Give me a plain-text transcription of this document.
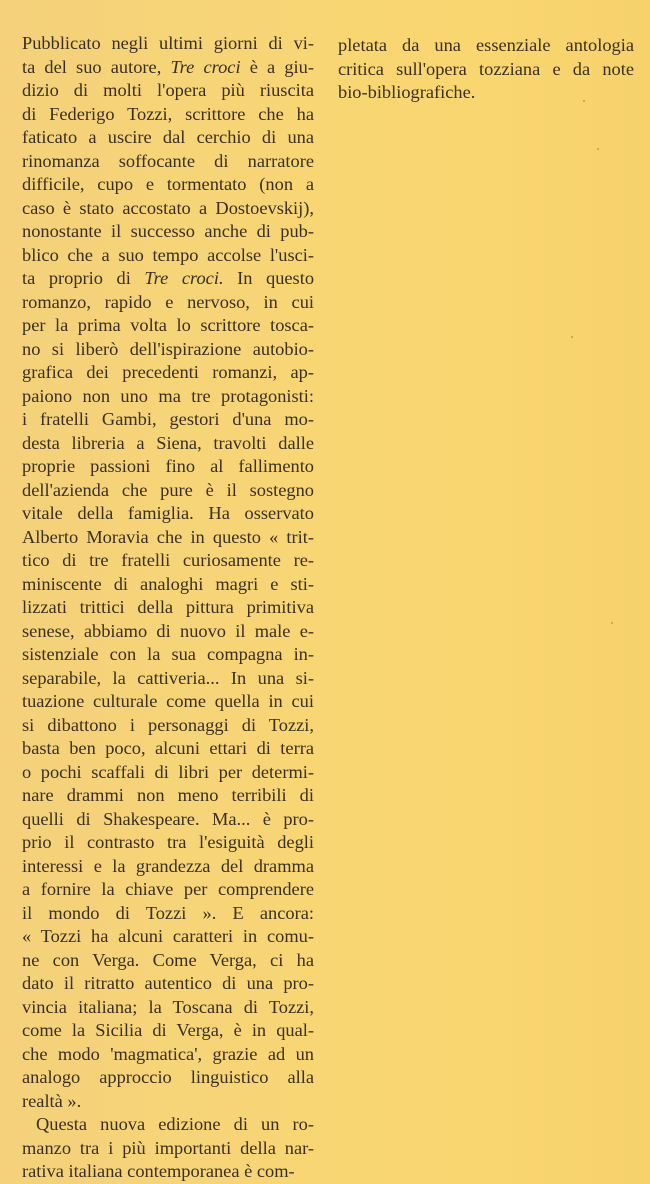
Pubblicato negli ultimi giorni di vi-
ta del suo autore, Tre croci è a giu-
dizio di molti l'opera più riuscita
di Federigo Tozzi, scrittore che ha
faticato a uscire dal cerchio di una
rinomanza soffocante di narratore
difficile, cupo e tormentato (non a
caso è stato accostato a Dostoevskij),
nonostante il successo anche di pub-
blico che a suo tempo accolse l'usci-
ta proprio di Tre croci. In questo
romanzo, rapido e nervoso, in cui
per la prima volta lo scrittore tosca-
no si liberò dell'ispirazione autobio-
grafica dei precedenti romanzi, ap-
paiono non uno ma tre protagonisti:
i fratelli Gambi, gestori d'una mo-
desta libreria a Siena, travolti dalle
proprie passioni fino al fallimento
dell'azienda che pure è il sostegno
vitale della famiglia. Ha osservato
Alberto Moravia che in questo « trit-
tico di tre fratelli curiosamente re-
miniscente di analoghi magri e sti-
lizzati trittici della pittura primitiva
senese, abbiamo di nuovo il male e-
sistenziale con la sua compagna in-
separabile, la cattiveria... In una si-
tuazione culturale come quella in cui
si dibattono i personaggi di Tozzi,
basta ben poco, alcuni ettari di terra
o pochi scaffali di libri per determi-
nare drammi non meno terribili di
quelli di Shakespeare. Ma... è pro-
prio il contrasto tra l'esiguità degli
interessi e la grandezza del dramma
a fornire la chiave per comprendere
il mondo di Tozzi ». E ancora:
« Tozzi ha alcuni caratteri in comu-
ne con Verga. Come Verga, ci ha
dato il ritratto autentico di una pro-
vincia italiana; la Toscana di Tozzi,
come la Sicilia di Verga, è in qual-
che modo 'magmatica', grazie ad un
analogo approccio linguistico alla
realtà ».
Questa nuova edizione di un ro-
manzo tra i più importanti della nar-
rativa italiana contemporanea è com-
pletata da una essenziale antologia
critica sull'opera tozziana e da note
bio-bibliografiche.
